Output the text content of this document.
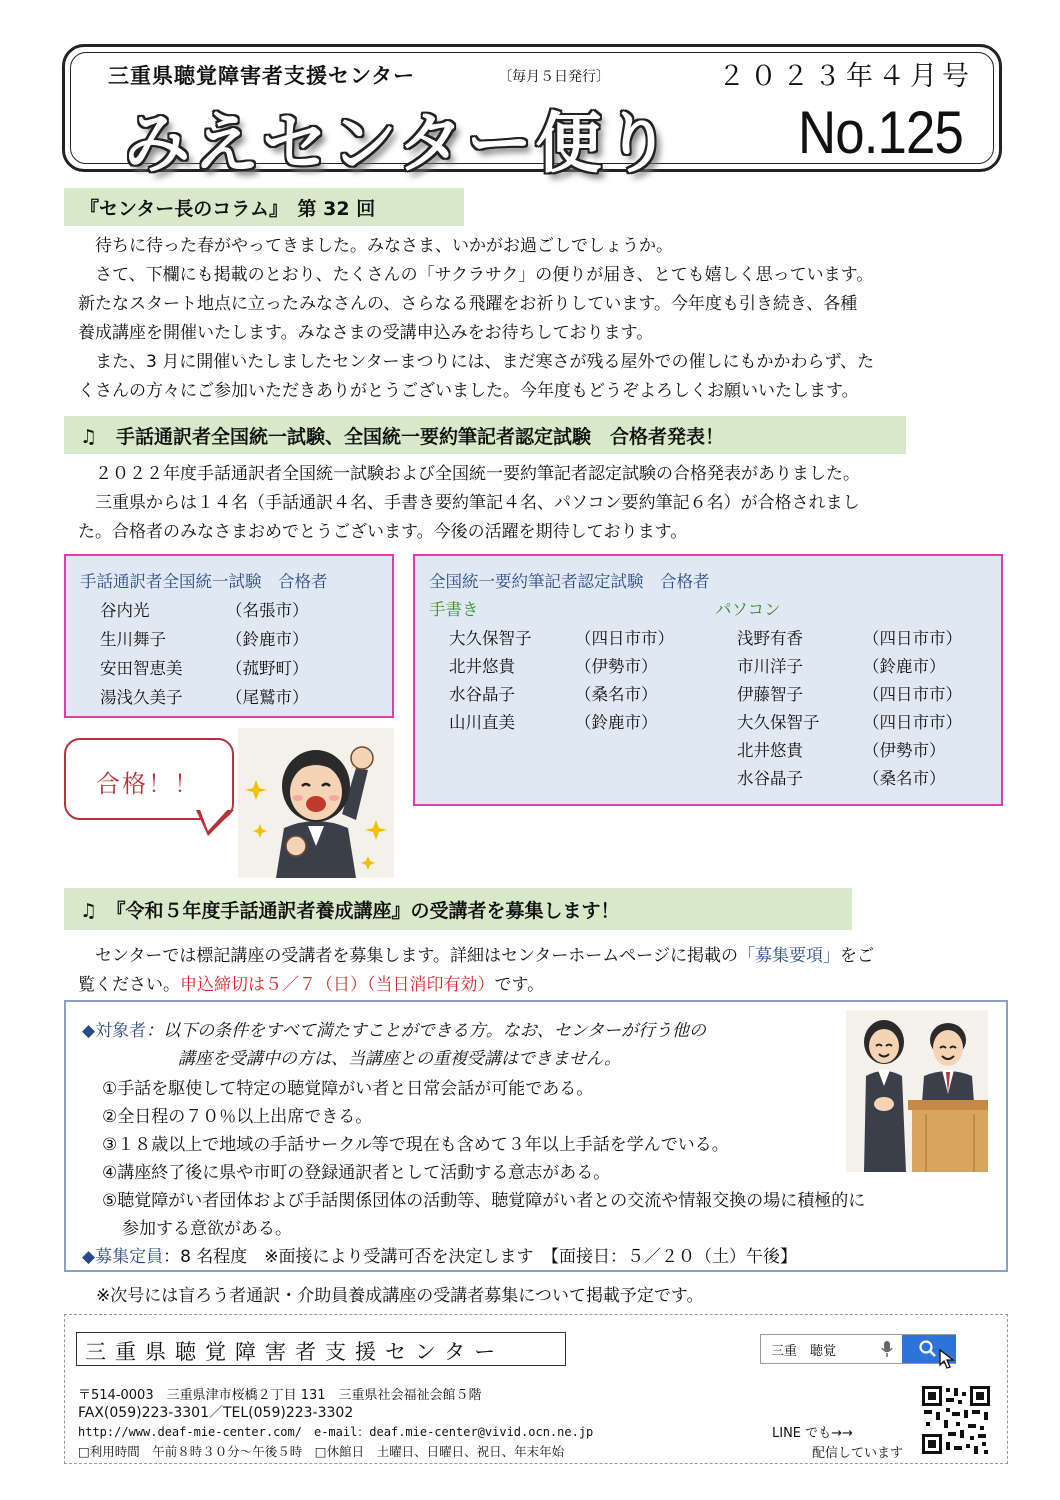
三重県聴覚障害者支援センター	〔毎月５日発行〕	２０２３年４月号
みえセンター便り No.125
『センター長のコラム』　第 32 回
　待ちに待った春がやってきました。みなさま、いかがお過ごしでしょうか。
　さて、下欄にも掲載のとおり、たくさんの「サクラサク」の便りが届き、とても嬉しく思っています。
新たなスタート地点に立ったみなさんの、さらなる飛躍をお祈りしています。今年度も引き続き、各種
養成講座を開催いたします。みなさまの受講申込みをお待ちしております。
　また、3 月に開催いたしましたセンターまつりには、まだ寒さが残る屋外での催しにもかかわらず、た
くさんの方々にご参加いただきありがとうございました。今年度もどうぞよろしくお願いいたします。
♫　手話通訳者全国統一試験、全国統一要約筆記者認定試験　合格者発表！
　２０２２年度手話通訳者全国統一試験および全国統一要約筆記者認定試験の合格発表がありました。
　三重県からは１４名（手話通訳４名、手書き要約筆記４名、パソコン要約筆記６名）が合格されまし
た。合格者のみなさまおめでとうございます。今後の活躍を期待しております。
手話通訳者全国統一試験　合格者
谷内光	（名張市）
生川舞子	（鈴鹿市）
安田智恵美	（菰野町）
湯浅久美子	（尾鷲市）
全国統一要約筆記者認定試験　合格者
手書き	パソコン
大久保智子	（四日市市）
北井悠貴	（伊勢市）
水谷晶子	（桑名市）
山川直美	（鈴鹿市）
浅野有香	（四日市市）
市川洋子	（鈴鹿市）
伊藤智子	（四日市市）
大久保智子	（四日市市）
北井悠貴	（伊勢市）
水谷晶子	（桑名市）
合格！！
♫　『令和５年度手話通訳者養成講座』の受講者を募集します！
　センターでは標記講座の受講者を募集します。詳細はセンターホームページに掲載の「募集要項」をご
覧ください。申込締切は５／７（日）（当日消印有効）です。
◆対象者：以下の条件をすべて満たすことができる方。なお、センターが行う他の
講座を受講中の方は、当講座との重複受講はできません。
①手話を駆使して特定の聴覚障がい者と日常会話が可能である。
②全日程の７０％以上出席できる。
③１８歳以上で地域の手話サークル等で現在も含めて３年以上手話を学んでいる。
④講座終了後に県や市町の登録通訳者として活動する意志がある。
⑤聴覚障がい者団体および手話関係団体の活動等、聴覚障がい者との交流や情報交換の場に積極的に
参加する意欲がある。
◆募集定員：8 名程度　※面接により受講可否を決定します　【面接日：５／２０（土）午後】
※次号には盲ろう者通訳・介助員養成講座の受講者募集について掲載予定です。
三重県聴覚障害者支援センター	三重　聴覚
〒514-0003　三重県津市桜橋２丁目 131　三重県社会福祉会館５階
FAX(059)223-3301／TEL(059)223-3302
http://www.deaf-mie-center.com/　e-mail：deaf.mie-center@vivid.ocn.ne.jp
□利用時間　午前８時３０分～午後５時　□休館日　土曜日、日曜日、祝日、年末年始
LINE でも→→
配信しています
